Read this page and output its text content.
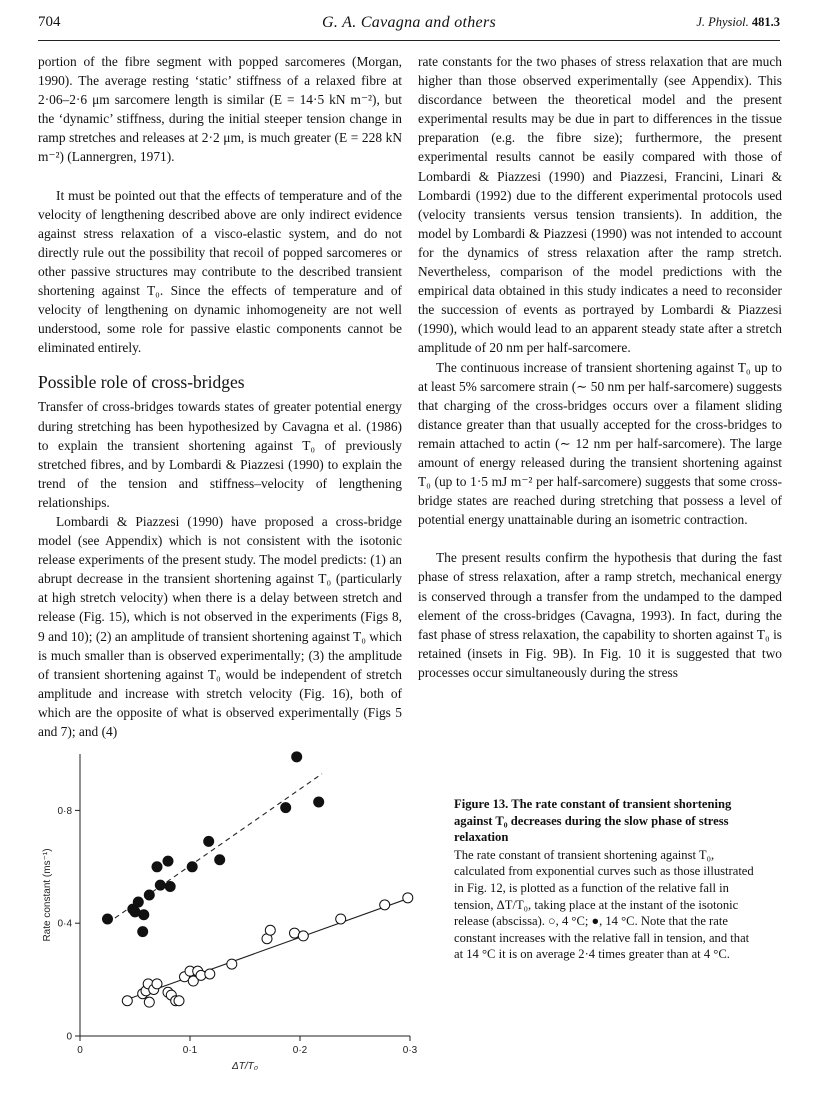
704	G. A. Cavagna and others	J. Physiol. 481.3

portion of the fibre segment with popped sarcomeres (Morgan, 1990). The average resting ‘static’ stiffness of a relaxed fibre at 2·06–2·6 μm sarcomere length is similar (E = 14·5 kN m⁻²), but the ‘dynamic’ stiffness, during the initial steeper tension change in ramp stretches and releases at 2·2 μm, is much greater (E = 228 kN m⁻²) (Lannergren, 1971).

It must be pointed out that the effects of temperature and of the velocity of lengthening described above are only indirect evidence against stress relaxation of a visco-elastic system, and do not directly rule out the possibility that recoil of popped sarcomeres or other passive structures may contribute to the described transient shortening against T₀. Since the effects of temperature and of velocity of lengthening on dynamic inhomogeneity are not well understood, some role for passive elastic components cannot be eliminated entirely.

Possible role of cross-bridges

Transfer of cross-bridges towards states of greater potential energy during stretching has been hypothesized by Cavagna et al. (1986) to explain the transient shortening against T₀ of previously stretched fibres, and by Lombardi & Piazzesi (1990) to explain the trend of the tension and stiffness–velocity of lengthening relationships.

Lombardi & Piazzesi (1990) have proposed a cross-bridge model (see Appendix) which is not consistent with the isotonic release experiments of the present study. The model predicts: (1) an abrupt decrease in the transient shortening against T₀ (particularly at high stretch velocity) when there is a delay between stretch and release (Fig. 15), which is not observed in the experiments (Figs 8, 9 and 10); (2) an amplitude of transient shortening against T₀ which is much smaller than is observed experimentally; (3) the amplitude of transient shortening against T₀ would be independent of stretch amplitude and increase with stretch velocity (Fig. 16), both of which are the opposite of what is observed experimentally (Figs 5 and 7); and (4)

rate constants for the two phases of stress relaxation that are much higher than those observed experimentally (see Appendix). This discordance between the theoretical model and the present experimental results may be due in part to differences in the tissue preparation (e.g. the fibre size); furthermore, the present experimental results cannot be easily compared with those of Lombardi & Piazzesi (1990) and Piazzesi, Francini, Linari & Lombardi (1992) due to the different experimental protocols used (velocity transients versus tension transients). In addition, the model by Lombardi & Piazzesi (1990) was not intended to account for the dynamics of stress relaxation after the ramp stretch. Nevertheless, comparison of the model predictions with the empirical data obtained in this study indicates a need to reconsider the succession of events as portrayed by Lombardi & Piazzesi (1990), which would lead to an apparent steady state after a stretch amplitude of 20 nm per half-sarcomere.

The continuous increase of transient shortening against T₀ up to at least 5% sarcomere strain (∼ 50 nm per half-sarcomere) suggests that charging of the cross-bridges occurs over a filament sliding distance greater than that usually accepted for the cross-bridges to remain attached to actin (∼ 12 nm per half-sarcomere). The large amount of energy released during the transient shortening against T₀ (up to 1·5 mJ m⁻² per half-sarcomere) suggests that some cross-bridge states are reached during stretching that possess a level of potential energy unattainable during an isometric contraction.

The present results confirm the hypothesis that during the fast phase of stress relaxation, after a ramp stretch, mechanical energy is conserved through a transfer from the undamped to the damped element of the cross-bridges (Cavagna, 1993). In fact, during the fast phase of stress relaxation, the capability to shorten against T₀ is retained (insets in Fig. 9B). In Fig. 10 it is suggested that two processes occur simultaneously during the stress

0	0·1	0·2	0·3
0
0·4
0·8
ΔT/T₀
Rate constant (ms⁻¹)
Figure 13. The rate constant of transient shortening against T₀ decreases during the slow phase of stress relaxation
The rate constant of transient shortening against T₀, calculated from exponential curves such as those illustrated in Fig. 12, is plotted as a function of the relative fall in tension, ΔT/T₀, taking place at the instant of the isotonic release (abscissa). ○, 4 °C; ●, 14 °C. Note that the rate constant increases with the relative fall in tension, and that at 14 °C it is on average 2·4 times greater than at 4 °C.
